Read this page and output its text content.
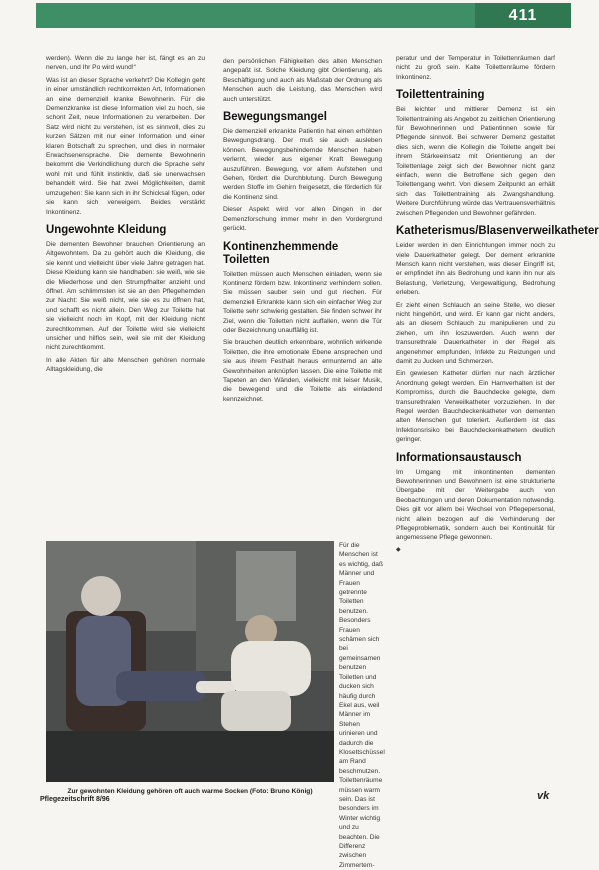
411

werden). Wenn die zu lange her ist, fängt es an zu nerven, und Ihr Po wird wund!“

Was ist an dieser Sprache verkehrt? Die Kollegin geht in einer umständlich rechtkorrekten Art, Informationen an eine demenziell kranke Bewohnerin. Für die Demenzkranke ist diese Information viel zu hoch, sie schont Zeit, neue Informationen zu verarbeiten. Der Satz wird nicht zu verstehen, ist es sinnvoll, dies zu kurzen Sätzen mit nur einer Information und einer klaren Botschaft zu sprechen, und dies in normaler Erwachsenensprache. Die demente Bewohnerin bekommt die Verkindlichung durch die Sprache sehr wohl mit und fühlt instinktiv, daß sie unerwachsen behandelt wird. Sie hat zwei Möglichkeiten, damit umzugehen: Sie kann sich in ihr Schicksal fügen, oder sie kann sich verweigern. Beides verstärkt Inkontinenz.

Ungewohnte Kleidung

Die dementen Bewohner brauchen Orientierung an Altgewohntem. Da zu gehört auch die Kleidung, die sie kennt und vielleicht über viele Jahre getragen hat. Diese Kleidung kann sie handhaben: sie weiß, wie sie die Miederhose und den Strumpfhalter anzieht und öffnet. Am schlimmsten ist sie an den Pflegehemden zur Nacht: Sie weiß nicht, wie sie es zu öffnen hat, und schafft es nicht allein. Den Weg zur Toilette hat sie vielleicht noch im Kopf, mit der Kleidung nicht zurechtkommen. Auf der Toilette wird sie vielleicht unsicher und hilflos sein, weil sie mit der Kleidung nicht zurechtkommt.

In alle Akten für alte Menschen gehören normale Alltagskleidung, die

den persönlichen Fähigkeiten des alten Menschen angepaßt ist. Solche Kleidung gibt Orientierung, als Beschäftigung und auch als Maßstab der Ordnung als Menschen auch die Leistung, das Menschen wird auch unterstützt.

Bewegungsmangel

Die demenziell erkrankte Patientin hat einen erhöhten Bewegungsdrang. Der muß sie auch ausleben können. Bewegungsbehindernde Menschen haben verlernt, wieder aus eigener Kraft Bewegung auszuführen. Bewegung, vor allem Aufstehen und Gehen, fördert die Durchblutung. Durch Bewegung werden Stoffe im Gehirn freigesetzt, die förderlich für die Kontinenz sind.

Dieser Aspekt wird vor allen Dingen in der Demenzforschung immer mehr in den Vordergrund gerückt.

Kontinenzhemmende Toiletten

Toiletten müssen auch Menschen einladen, wenn sie Kontinenz fördern bzw. Inkontinenz verhindern sollen. Sie müssen sauber sein und gut riechen. Für demenziell Erkrankte kann sich ein einfacher Weg zur Toilette sehr schwierig gestalten. Sie finden schwer ihr Ziel, wenn die Toiletten nicht auffallen, wenn die Tür oder Bezeichnung unauffällig ist.

Sie brauchen deutlich erkennbare, wohnlich wirkende Toiletten, die ihre emotionale Ebene ansprechen und sie aus ihrem Festhalt heraus ermunternd an alte Gewohnheiten anknüpfen lassen. Die eine Toilette mit Tapeten an den Wänden, vielleicht mit leiser Musik, die bewegend und die Toilette als einladend kennzeichnet.

Für die Menschen ist es wichtig, daß Männer und Frauen getrennte Toiletten benutzen. Besonders Frauen schämen sich bei gemeinsamen benutzen Toiletten und ducken sich häufig durch Ekel aus, weil Männer im Stehen urinieren und dadurch die Klosettschüssel am Rand beschmutzen.

Toilettenräume müssen warm sein. Das ist besonders im Winter wichtig und zu beachten. Die Differenz zwischen Zimmertem-

peratur und der Temperatur in Toilettenräumen darf nicht zu groß sein. Kalte Toilettenräume fördern Inkontinenz.

Toilettentraining

Bei leichter und mittlerer Demenz ist ein Toilettentraining als Angebot zu zeitlichen Orientierung für Bewohnerinnen und Patientinnen sowie für Pflegende sinnvoll. Bei schwerer Demenz gestaltet dies sich, wenn die Kollegin die Toilette angelt bei ihrem Stärkeeinsatz mit Orientierung an der Toilettenlage zeigt sich der Bewohner nicht ganz einfach, wenn die Betroffene sich gegen den Toilettengang wehrt. Von diesem Zeitpunkt an erhält sich das Toilettentraining als Zwangshandlung. Weitere Durchführung würde das Vertrauensverhältnis zwischen Pflegenden und Bewohner gefährden.

Katheterismus/Blasenverweilkatheter

Leider werden in den Einrichtungen immer noch zu viele Dauerkatheter gelegt. Der dement erkrankte Mensch kann nicht verstehen, was dieser Eingriff ist, er empfindet ihn als Bedrohung und kann ihn nur als Belastung, Verletzung, Vergewaltigung, Bedrohung erleben.

Er zieht einen Schlauch an seine Stelle, wo dieser nicht hingehört, und wird. Er kann gar nicht anders, als an diesem Schlauch zu manipulieren und zu ziehen, um ihn loszuwerden. Auch wenn der transurethrale Dauerkatheter in der Regel als angenehmer empfunden, Infekte zu Reizungen und damit zu Jucken und Schmerzen.

Ein gewiesen Katheter dürfen nur nach ärztlicher Anordnung gelegt werden. Ein Harnverhalten ist der Kompromiss, durch die Bauchdecke gelegte, dem transurethralen Verweilkatheter vorzuziehen. In der Regel werden Bauchdeckenkatheter von dementen alten Menschen gut toleriert. Außerdem ist das Infektionsrisiko bei Bauchdeckenkathetern deutlich geringer.

Informationsaustausch

Im Umgang mit inkontinenten dementen Bewohnerinnen und Bewohnern ist eine strukturierte Übergabe mit der Weitergabe auch von Beobachtungen und deren Dokumentation notwendig. Dies gilt vor allem bei Wechsel von Pflegepersonal, nicht allein bezogen auf die Verhinderung der Pflegeproblematik, sondern auch bei Kontinuität für angemessene Pflege gewonnen.

◆

Zur gewohnten Kleidung gehören oft auch warme Socken (Foto: Bruno König)
Pflegezeitschrift 8/96	vk
